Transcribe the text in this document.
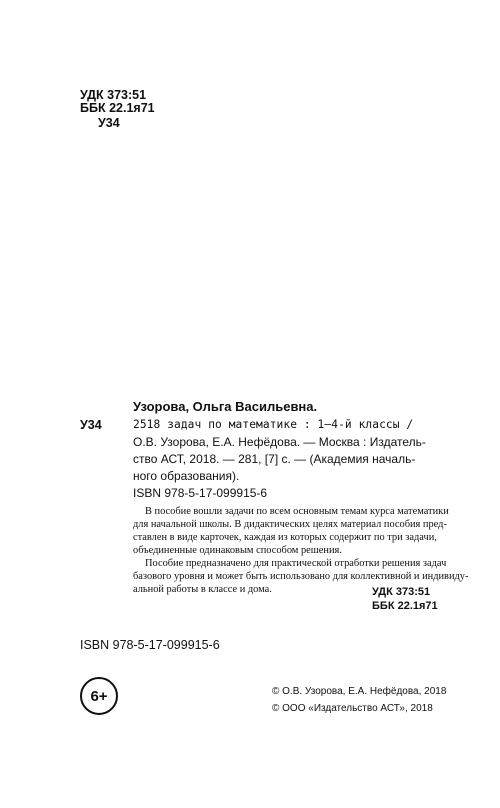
УДК 373:51
ББК 22.1я71
У34
Узорова, Ольга Васильевна.
У34	2518 задач по математике : 1–4-й классы /
О.В. Узорова, Е.А. Нефёдова. — Москва : Издатель-
ство АСТ, 2018. — 281, [7] с. — (Академия началь-
ного образования).
ISBN 978-5-17-099915-6
В пособие вошли задачи по всем основным темам курса математики
для начальной школы. В дидактических целях материал пособия пред-
ставлен в виде карточек, каждая из которых содержит по три задачи,
объединенные одинаковым способом решения.
Пособие предназначено для практической отработки решения задач
базового уровня и может быть использовано для коллективной и индивиду-
альной работы в классе и дома.	УДК 373:51
ББК 22.1я71
ISBN 978-5-17-099915-6
6+	© О.В. Узорова, Е.А. Нефёдова, 2018
© ООО «Издательство АСТ», 2018
